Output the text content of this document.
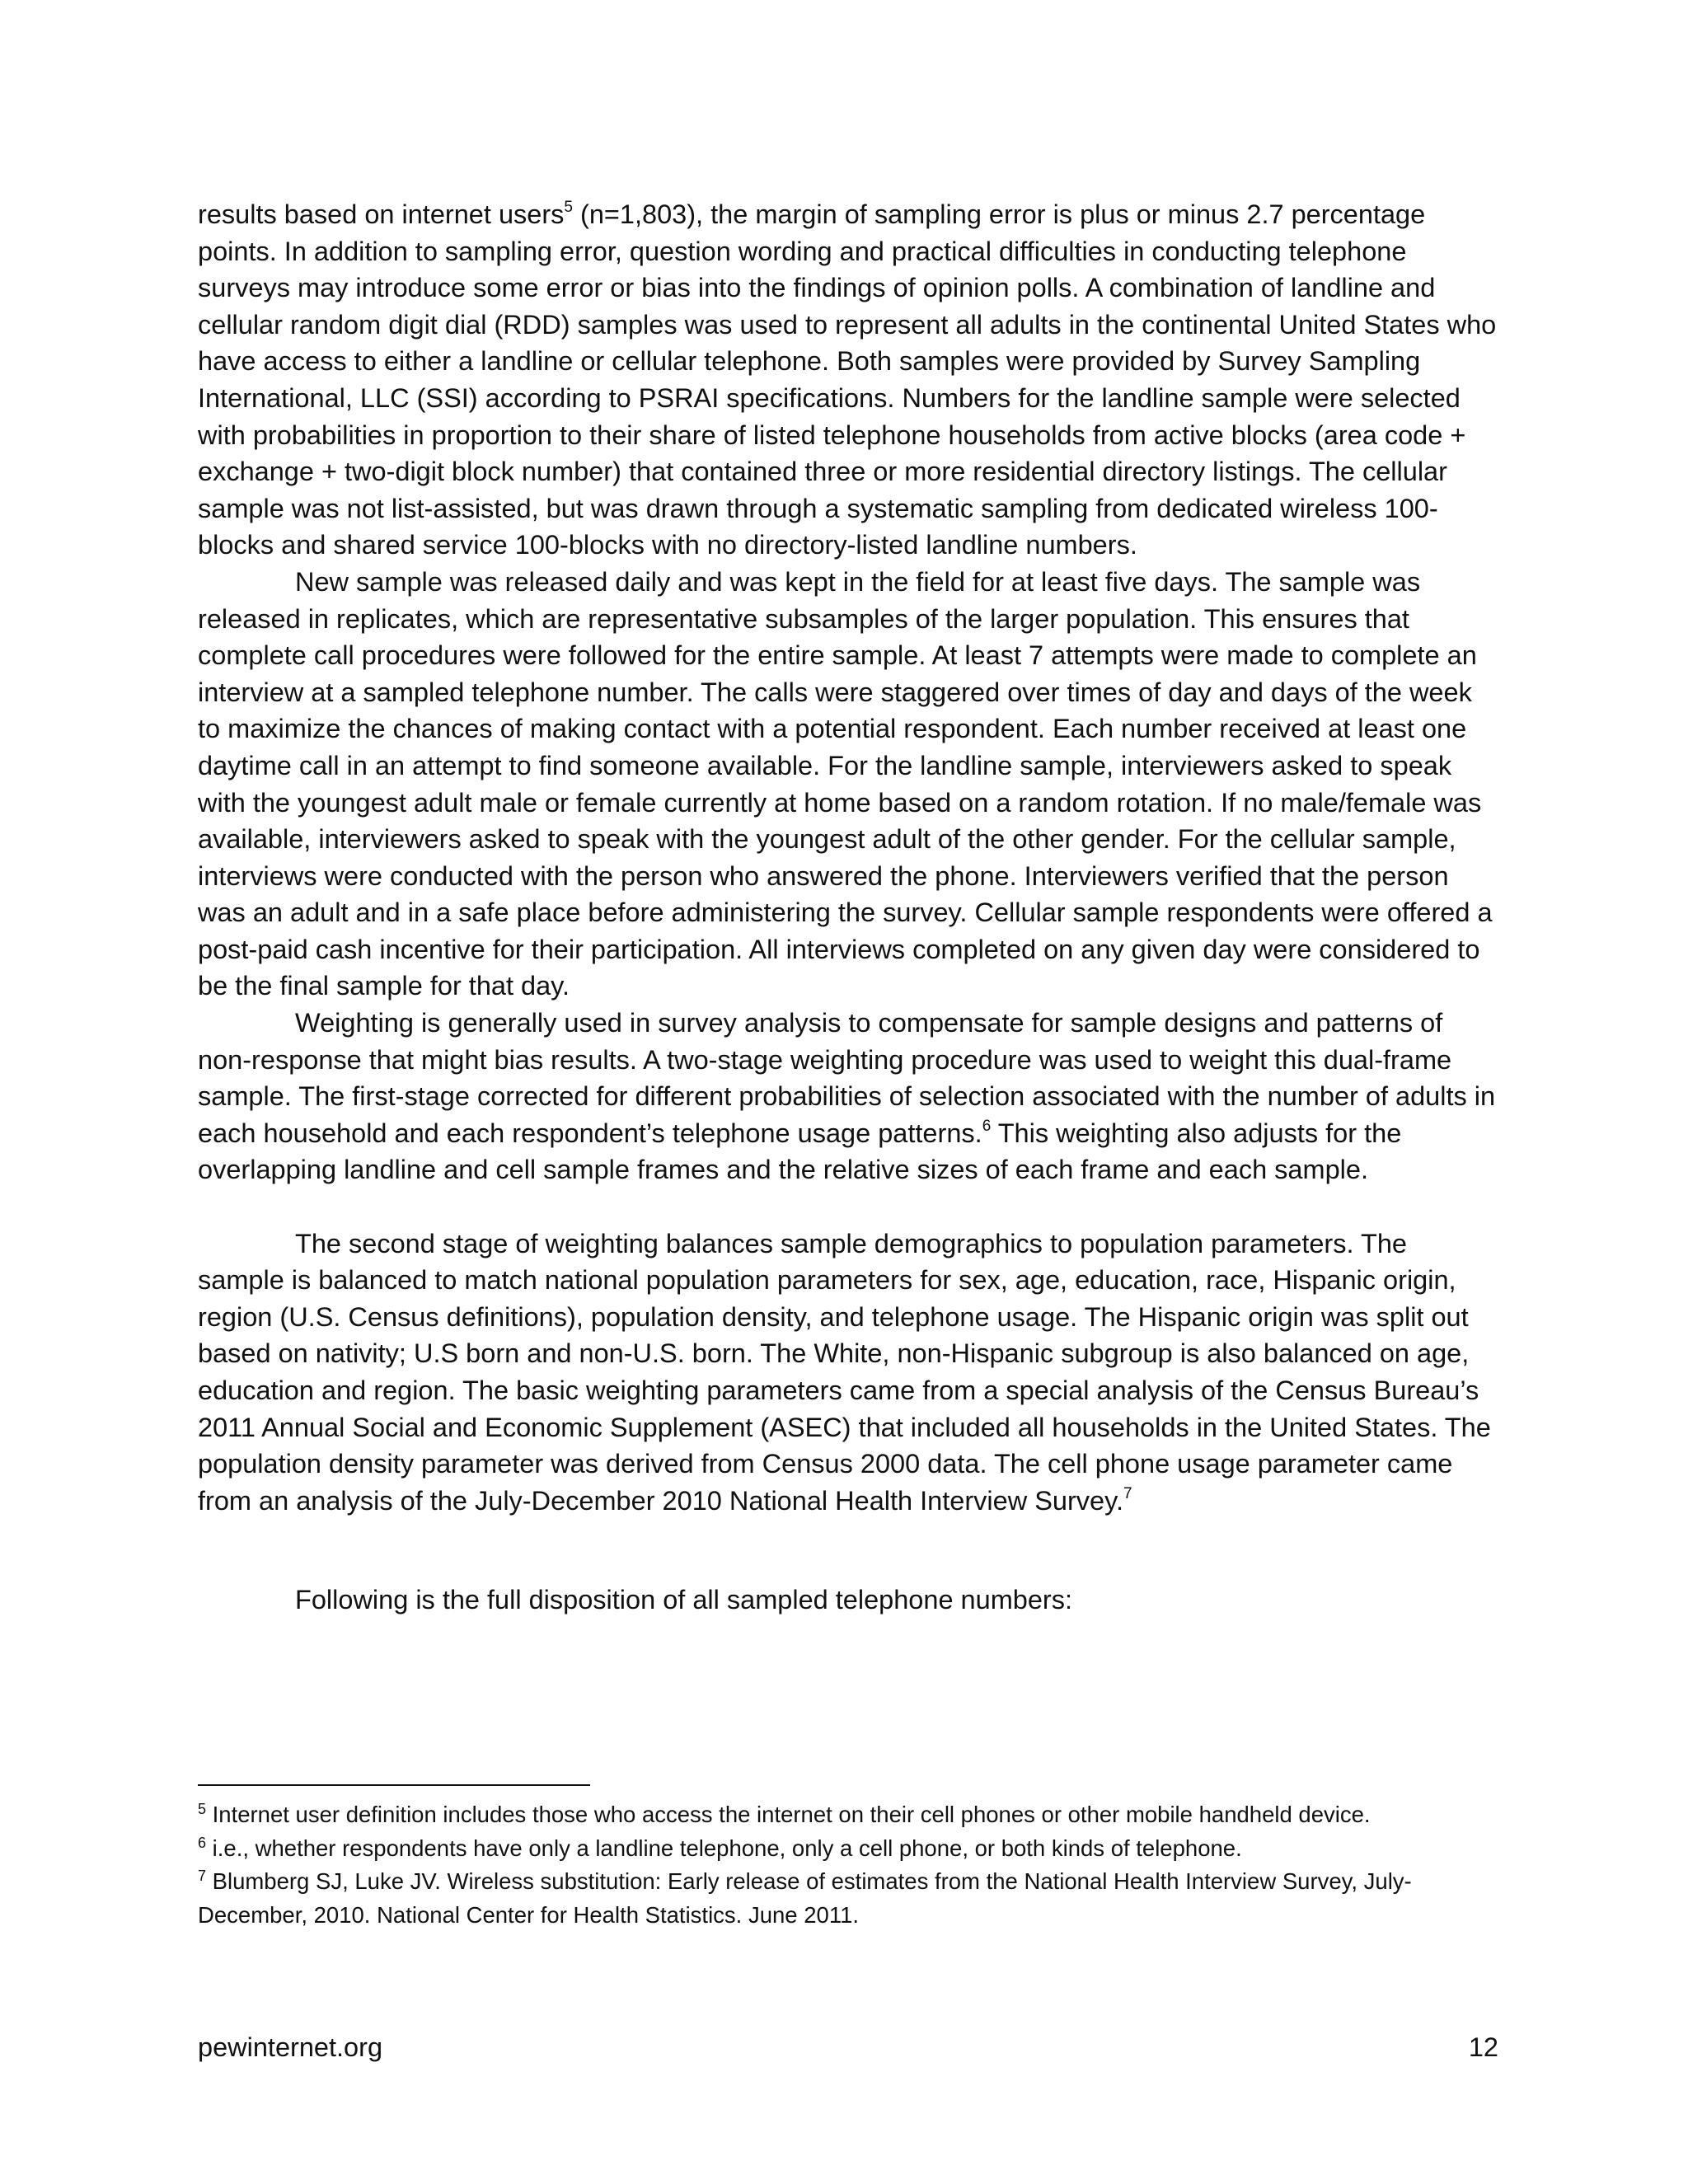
results based on internet users$^5$ (n=1,803), the margin of sampling error is plus or minus 2.7 percentage points. In addition to sampling error, question wording and practical difficulties in conducting telephone surveys may introduce some error or bias into the findings of opinion polls. A combination of landline and cellular random digit dial (RDD) samples was used to represent all adults in the continental United States who have access to either a landline or cellular telephone. Both samples were provided by Survey Sampling International, LLC (SSI) according to PSRAI specifications. Numbers for the landline sample were selected with probabilities in proportion to their share of listed telephone households from active blocks (area code + exchange + two-digit block number) that contained three or more residential directory listings. The cellular sample was not list-assisted, but was drawn through a systematic sampling from dedicated wireless 100-blocks and shared service 100-blocks with no directory-listed landline numbers.

New sample was released daily and was kept in the field for at least five days. The sample was released in replicates, which are representative subsamples of the larger population. This ensures that complete call procedures were followed for the entire sample. At least 7 attempts were made to complete an interview at a sampled telephone number. The calls were staggered over times of day and days of the week to maximize the chances of making contact with a potential respondent. Each number received at least one daytime call in an attempt to find someone available. For the landline sample, interviewers asked to speak with the youngest adult male or female currently at home based on a random rotation. If no male/female was available, interviewers asked to speak with the youngest adult of the other gender. For the cellular sample, interviews were conducted with the person who answered the phone. Interviewers verified that the person was an adult and in a safe place before administering the survey. Cellular sample respondents were offered a post-paid cash incentive for their participation. All interviews completed on any given day were considered to be the final sample for that day.

Weighting is generally used in survey analysis to compensate for sample designs and patterns of non-response that might bias results. A two-stage weighting procedure was used to weight this dual-frame sample. The first-stage corrected for different probabilities of selection associated with the number of adults in each household and each respondent’s telephone usage patterns.$^6$ This weighting also adjusts for the overlapping landline and cell sample frames and the relative sizes of each frame and each sample.

The second stage of weighting balances sample demographics to population parameters. The sample is balanced to match national population parameters for sex, age, education, race, Hispanic origin, region (U.S. Census definitions), population density, and telephone usage. The Hispanic origin was split out based on nativity; U.S born and non-U.S. born. The White, non-Hispanic subgroup is also balanced on age, education and region. The basic weighting parameters came from a special analysis of the Census Bureau’s 2011 Annual Social and Economic Supplement (ASEC) that included all households in the United States. The population density parameter was derived from Census 2000 data. The cell phone usage parameter came from an analysis of the July-December 2010 National Health Interview Survey.$^7$

Following is the full disposition of all sampled telephone numbers:

$^5$ Internet user definition includes those who access the internet on their cell phones or other mobile handheld device.

$^6$ i.e., whether respondents have only a landline telephone, only a cell phone, or both kinds of telephone.

$^7$ Blumberg SJ, Luke JV. Wireless substitution: Early release of estimates from the National Health Interview Survey, July-December, 2010. National Center for Health Statistics. June 2011.

pewinternet.org	12
